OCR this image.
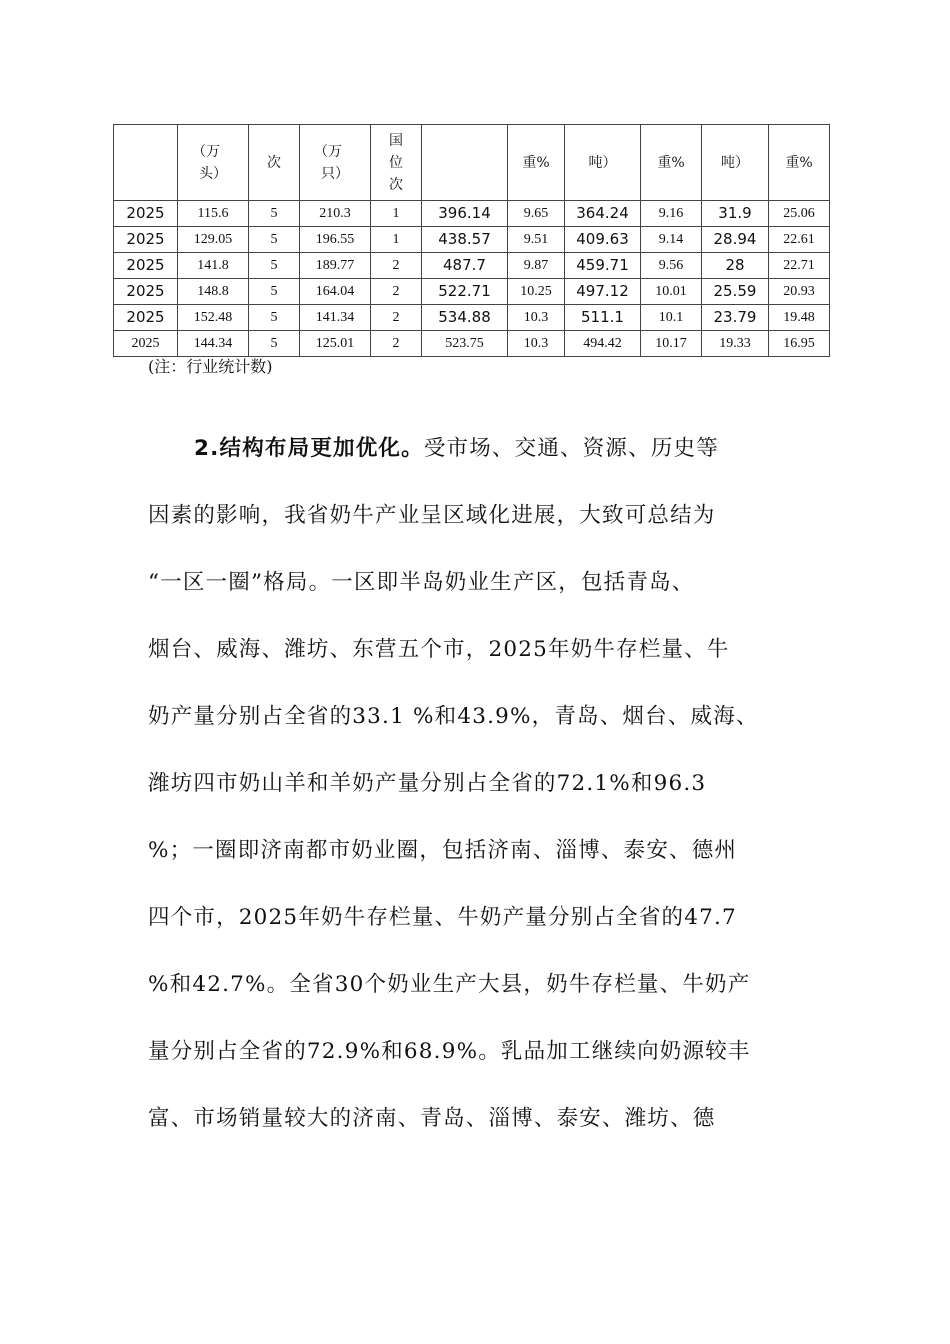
	（万
头）	次	（万
只）	国
位
次		重%	吨）	重%	吨）	重%

2025	115.6	5	210.3	1	396.14	9.65	364.24	9.16	31.9	25.06
2025	129.05	5	196.55	1	438.57	9.51	409.63	9.14	28.94	22.61
2025	141.8	5	189.77	2	487.7	9.87	459.71	9.56	28	22.71
2025	148.8	5	164.04	2	522.71	10.25	497.12	10.01	25.59	20.93
2025	152.48	5	141.34	2	534.88	10.3	511.1	10.1	23.79	19.48
2025	144.34	5	125.01	2	523.75	10.3	494.42	10.17	19.33	16.95
(注：行业统计数)
2.结构布局更加优化。受市场、交通、资源、历史等
因素的影响，我省奶牛产业呈区域化进展，大致可总结为
“一区一圈”格局。一区即半岛奶业生产区，包括青岛、
烟台、威海、潍坊、东营五个市，2025年奶牛存栏量、牛
奶产量分别占全省的33.1 %和43.9%，青岛、烟台、威海、
潍坊四市奶山羊和羊奶产量分别占全省的72.1%和96.3
%；一圈即济南都市奶业圈，包括济南、淄博、泰安、德州
四个市，2025年奶牛存栏量、牛奶产量分别占全省的47.7
%和42.7%。全省30个奶业生产大县，奶牛存栏量、牛奶产
量分别占全省的72.9%和68.9%。乳品加工继续向奶源较丰
富、市场销量较大的济南、青岛、淄博、泰安、潍坊、德
